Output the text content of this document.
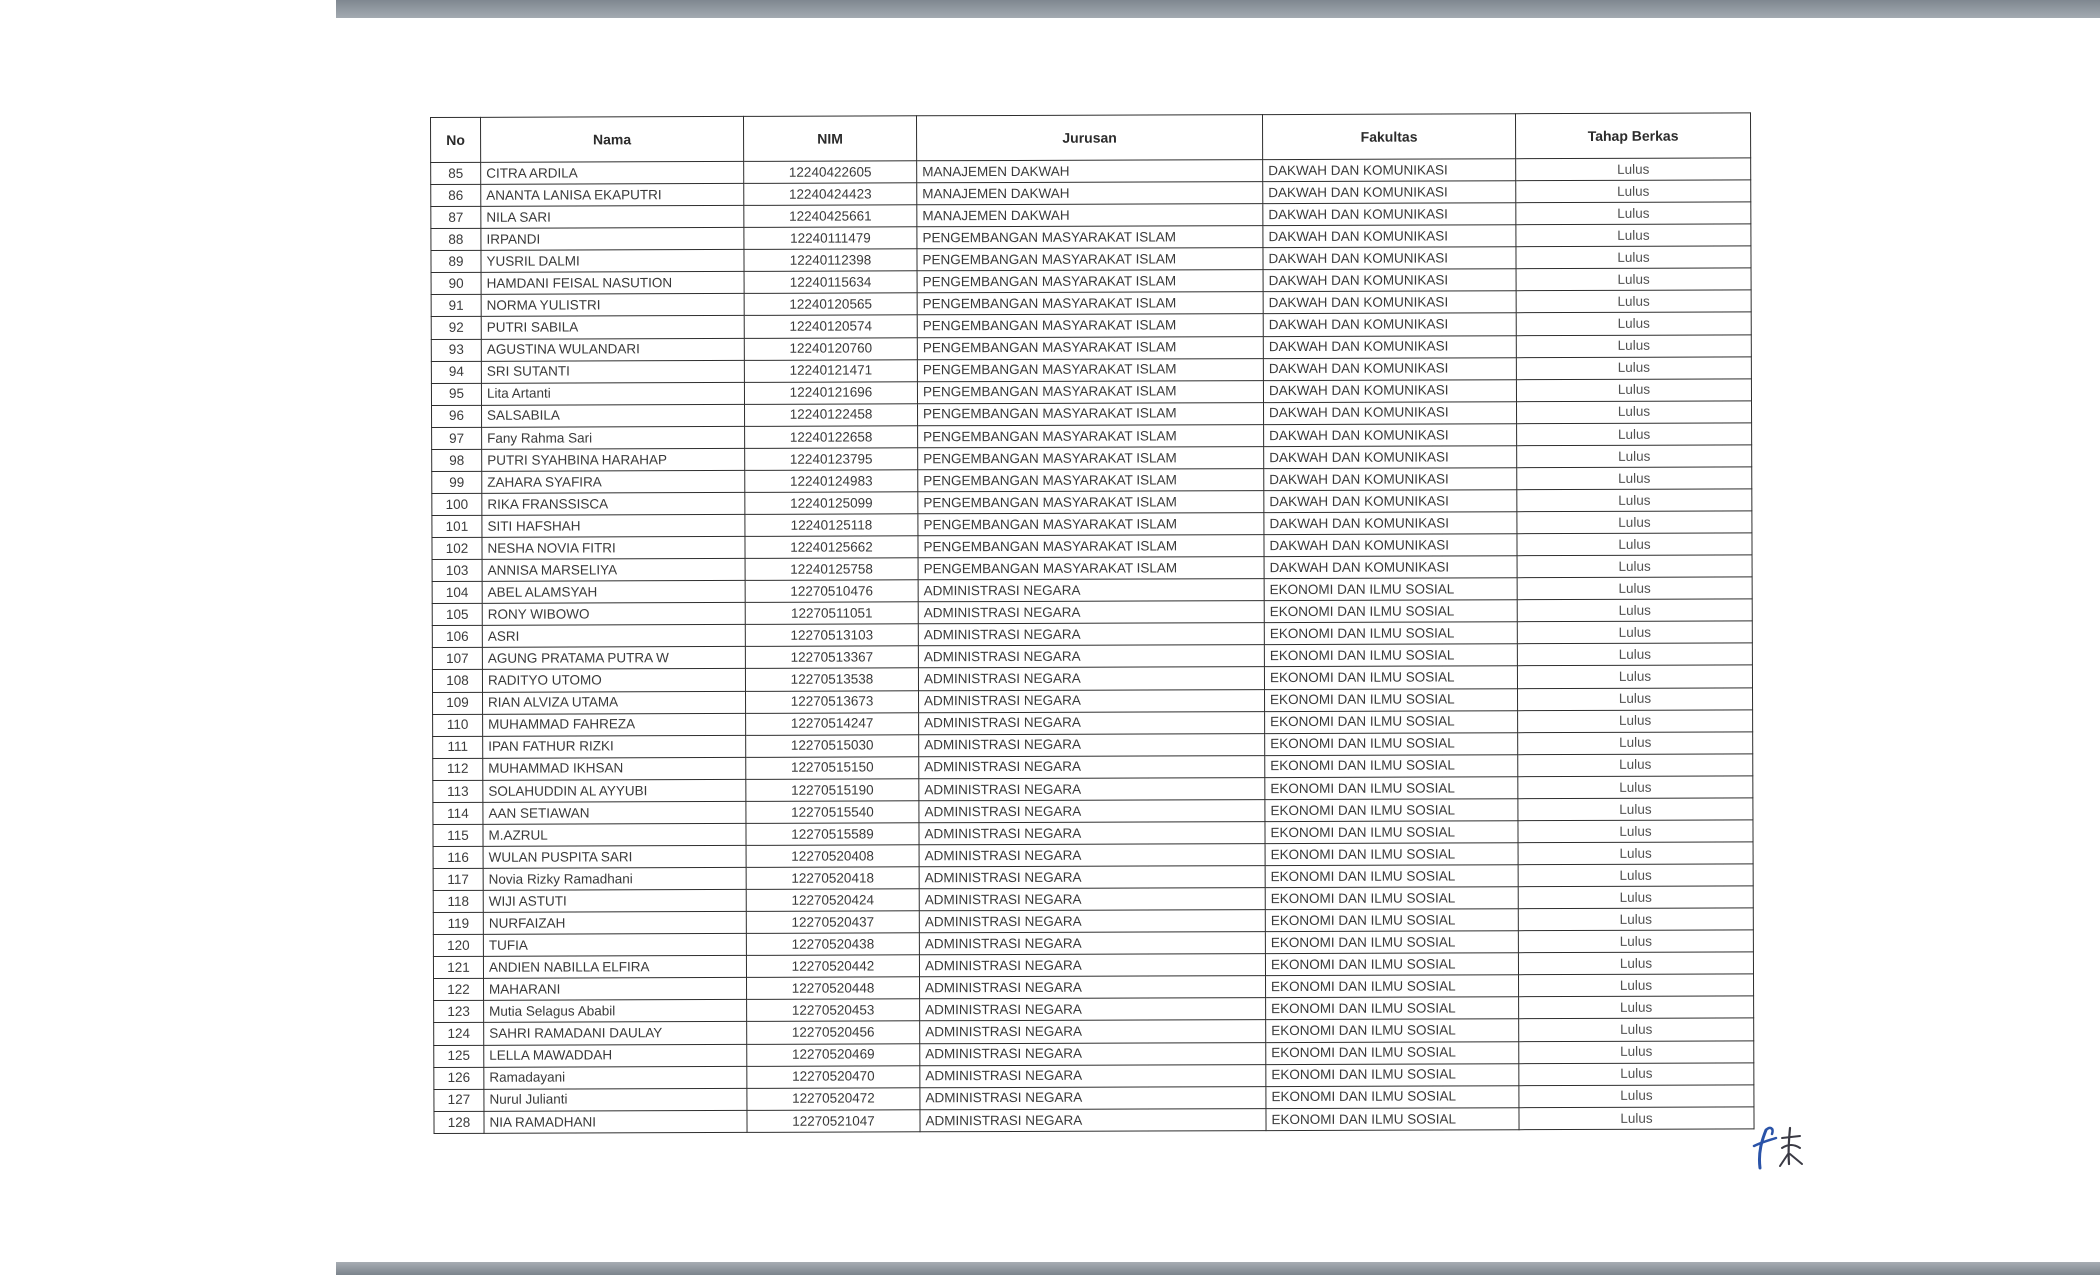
No	Nama	NIM	Jurusan	Fakultas	Tahap Berkas
85	CITRA ARDILA	12240422605	MANAJEMEN DAKWAH	DAKWAH DAN KOMUNIKASI	Lulus
86	ANANTA LANISA EKAPUTRI	12240424423	MANAJEMEN DAKWAH	DAKWAH DAN KOMUNIKASI	Lulus
87	NILA SARI	12240425661	MANAJEMEN DAKWAH	DAKWAH DAN KOMUNIKASI	Lulus
88	IRPANDI	12240111479	PENGEMBANGAN MASYARAKAT ISLAM	DAKWAH DAN KOMUNIKASI	Lulus
89	YUSRIL DALMI	12240112398	PENGEMBANGAN MASYARAKAT ISLAM	DAKWAH DAN KOMUNIKASI	Lulus
90	HAMDANI FEISAL NASUTION	12240115634	PENGEMBANGAN MASYARAKAT ISLAM	DAKWAH DAN KOMUNIKASI	Lulus
91	NORMA YULISTRI	12240120565	PENGEMBANGAN MASYARAKAT ISLAM	DAKWAH DAN KOMUNIKASI	Lulus
92	PUTRI SABILA	12240120574	PENGEMBANGAN MASYARAKAT ISLAM	DAKWAH DAN KOMUNIKASI	Lulus
93	AGUSTINA WULANDARI	12240120760	PENGEMBANGAN MASYARAKAT ISLAM	DAKWAH DAN KOMUNIKASI	Lulus
94	SRI SUTANTI	12240121471	PENGEMBANGAN MASYARAKAT ISLAM	DAKWAH DAN KOMUNIKASI	Lulus
95	Lita Artanti	12240121696	PENGEMBANGAN MASYARAKAT ISLAM	DAKWAH DAN KOMUNIKASI	Lulus
96	SALSABILA	12240122458	PENGEMBANGAN MASYARAKAT ISLAM	DAKWAH DAN KOMUNIKASI	Lulus
97	Fany Rahma Sari	12240122658	PENGEMBANGAN MASYARAKAT ISLAM	DAKWAH DAN KOMUNIKASI	Lulus
98	PUTRI SYAHBINA HARAHAP	12240123795	PENGEMBANGAN MASYARAKAT ISLAM	DAKWAH DAN KOMUNIKASI	Lulus
99	ZAHARA SYAFIRA	12240124983	PENGEMBANGAN MASYARAKAT ISLAM	DAKWAH DAN KOMUNIKASI	Lulus
100	RIKA FRANSSISCA	12240125099	PENGEMBANGAN MASYARAKAT ISLAM	DAKWAH DAN KOMUNIKASI	Lulus
101	SITI HAFSHAH	12240125118	PENGEMBANGAN MASYARAKAT ISLAM	DAKWAH DAN KOMUNIKASI	Lulus
102	NESHA NOVIA FITRI	12240125662	PENGEMBANGAN MASYARAKAT ISLAM	DAKWAH DAN KOMUNIKASI	Lulus
103	ANNISA MARSELIYA	12240125758	PENGEMBANGAN MASYARAKAT ISLAM	DAKWAH DAN KOMUNIKASI	Lulus
104	ABEL ALAMSYAH	12270510476	ADMINISTRASI NEGARA	EKONOMI DAN ILMU SOSIAL	Lulus
105	RONY WIBOWO	12270511051	ADMINISTRASI NEGARA	EKONOMI DAN ILMU SOSIAL	Lulus
106	ASRI	12270513103	ADMINISTRASI NEGARA	EKONOMI DAN ILMU SOSIAL	Lulus
107	AGUNG PRATAMA PUTRA W	12270513367	ADMINISTRASI NEGARA	EKONOMI DAN ILMU SOSIAL	Lulus
108	RADITYO UTOMO	12270513538	ADMINISTRASI NEGARA	EKONOMI DAN ILMU SOSIAL	Lulus
109	RIAN ALVIZA UTAMA	12270513673	ADMINISTRASI NEGARA	EKONOMI DAN ILMU SOSIAL	Lulus
110	MUHAMMAD FAHREZA	12270514247	ADMINISTRASI NEGARA	EKONOMI DAN ILMU SOSIAL	Lulus
111	IPAN FATHUR RIZKI	12270515030	ADMINISTRASI NEGARA	EKONOMI DAN ILMU SOSIAL	Lulus
112	MUHAMMAD IKHSAN	12270515150	ADMINISTRASI NEGARA	EKONOMI DAN ILMU SOSIAL	Lulus
113	SOLAHUDDIN AL AYYUBI	12270515190	ADMINISTRASI NEGARA	EKONOMI DAN ILMU SOSIAL	Lulus
114	AAN SETIAWAN	12270515540	ADMINISTRASI NEGARA	EKONOMI DAN ILMU SOSIAL	Lulus
115	M.AZRUL	12270515589	ADMINISTRASI NEGARA	EKONOMI DAN ILMU SOSIAL	Lulus
116	WULAN PUSPITA SARI	12270520408	ADMINISTRASI NEGARA	EKONOMI DAN ILMU SOSIAL	Lulus
117	Novia Rizky Ramadhani	12270520418	ADMINISTRASI NEGARA	EKONOMI DAN ILMU SOSIAL	Lulus
118	WIJI ASTUTI	12270520424	ADMINISTRASI NEGARA	EKONOMI DAN ILMU SOSIAL	Lulus
119	NURFAIZAH	12270520437	ADMINISTRASI NEGARA	EKONOMI DAN ILMU SOSIAL	Lulus
120	TUFIA	12270520438	ADMINISTRASI NEGARA	EKONOMI DAN ILMU SOSIAL	Lulus
121	ANDIEN NABILLA ELFIRA	12270520442	ADMINISTRASI NEGARA	EKONOMI DAN ILMU SOSIAL	Lulus
122	MAHARANI	12270520448	ADMINISTRASI NEGARA	EKONOMI DAN ILMU SOSIAL	Lulus
123	Mutia Selagus Ababil	12270520453	ADMINISTRASI NEGARA	EKONOMI DAN ILMU SOSIAL	Lulus
124	SAHRI RAMADANI DAULAY	12270520456	ADMINISTRASI NEGARA	EKONOMI DAN ILMU SOSIAL	Lulus
125	LELLA MAWADDAH	12270520469	ADMINISTRASI NEGARA	EKONOMI DAN ILMU SOSIAL	Lulus
126	Ramadayani	12270520470	ADMINISTRASI NEGARA	EKONOMI DAN ILMU SOSIAL	Lulus
127	Nurul Julianti	12270520472	ADMINISTRASI NEGARA	EKONOMI DAN ILMU SOSIAL	Lulus
128	NIA RAMADHANI	12270521047	ADMINISTRASI NEGARA	EKONOMI DAN ILMU SOSIAL	Lulus
